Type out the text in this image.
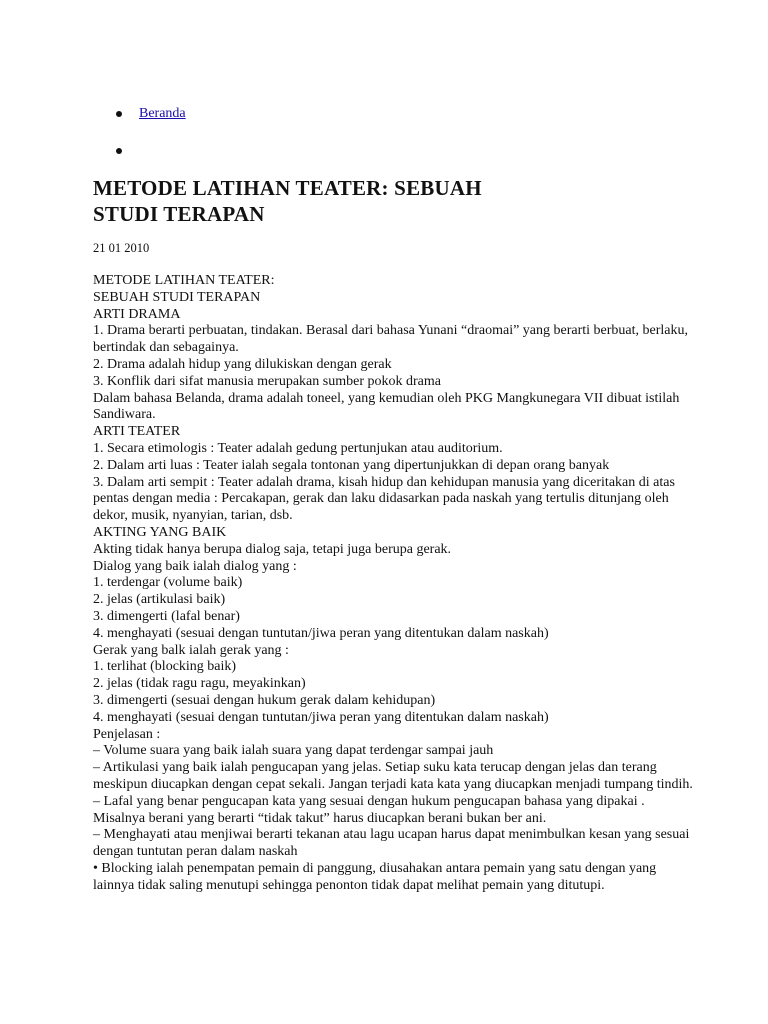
Beranda
METODE LATIHAN TEATER: SEBUAH
STUDI TERAPAN
21 01 2010
METODE LATIHAN TEATER:
SEBUAH STUDI TERAPAN
ARTI DRAMA
1. Drama berarti perbuatan, tindakan. Berasal dari bahasa Yunani “draomai” yang berarti berbuat, berlaku, bertindak dan sebagainya.
2. Drama adalah hidup yang dilukiskan dengan gerak
3. Konflik dari sifat manusia merupakan sumber pokok drama
Dalam bahasa Belanda, drama adalah toneel, yang kemudian oleh PKG Mangkunegara VII dibuat istilah Sandiwara.
ARTI TEATER
1. Secara etimologis : Teater adalah gedung pertunjukan atau auditorium.
2. Dalam arti luas : Teater ialah segala tontonan yang dipertunjukkan di depan orang banyak
3. Dalam arti sempit : Teater adalah drama, kisah hidup dan kehidupan manusia yang diceritakan di atas pentas dengan media : Percakapan, gerak dan laku didasarkan pada naskah yang tertulis ditunjang oleh dekor, musik, nyanyian, tarian, dsb.
AKTING YANG BAIK
Akting tidak hanya berupa dialog saja, tetapi juga berupa gerak.
Dialog yang baik ialah dialog yang :
1. terdengar (volume baik)
2. jelas (artikulasi baik)
3. dimengerti (lafal benar)
4. menghayati (sesuai dengan tuntutan/jiwa peran yang ditentukan dalam naskah)
Gerak yang balk ialah gerak yang :
1. terlihat (blocking baik)
2. jelas (tidak ragu ragu, meyakinkan)
3. dimengerti (sesuai dengan hukum gerak dalam kehidupan)
4. menghayati (sesuai dengan tuntutan/jiwa peran yang ditentukan dalam naskah)
Penjelasan :
– Volume suara yang baik ialah suara yang dapat terdengar sampai jauh
– Artikulasi yang baik ialah pengucapan yang jelas. Setiap suku kata terucap dengan jelas dan terang meskipun diucapkan dengan cepat sekali. Jangan terjadi kata kata yang diucapkan menjadi tumpang tindih.
– Lafal yang benar pengucapan kata yang sesuai dengan hukum pengucapan bahasa yang dipakai . Misalnya berani yang berarti “tidak takut” harus diucapkan berani bukan ber ani.
– Menghayati atau menjiwai berarti tekanan atau lagu ucapan harus dapat menimbulkan kesan yang sesuai dengan tuntutan peran dalam naskah
• Blocking ialah penempatan pemain di panggung, diusahakan antara pemain yang satu dengan yang lainnya tidak saling menutupi sehingga penonton tidak dapat melihat pemain yang ditutupi.
